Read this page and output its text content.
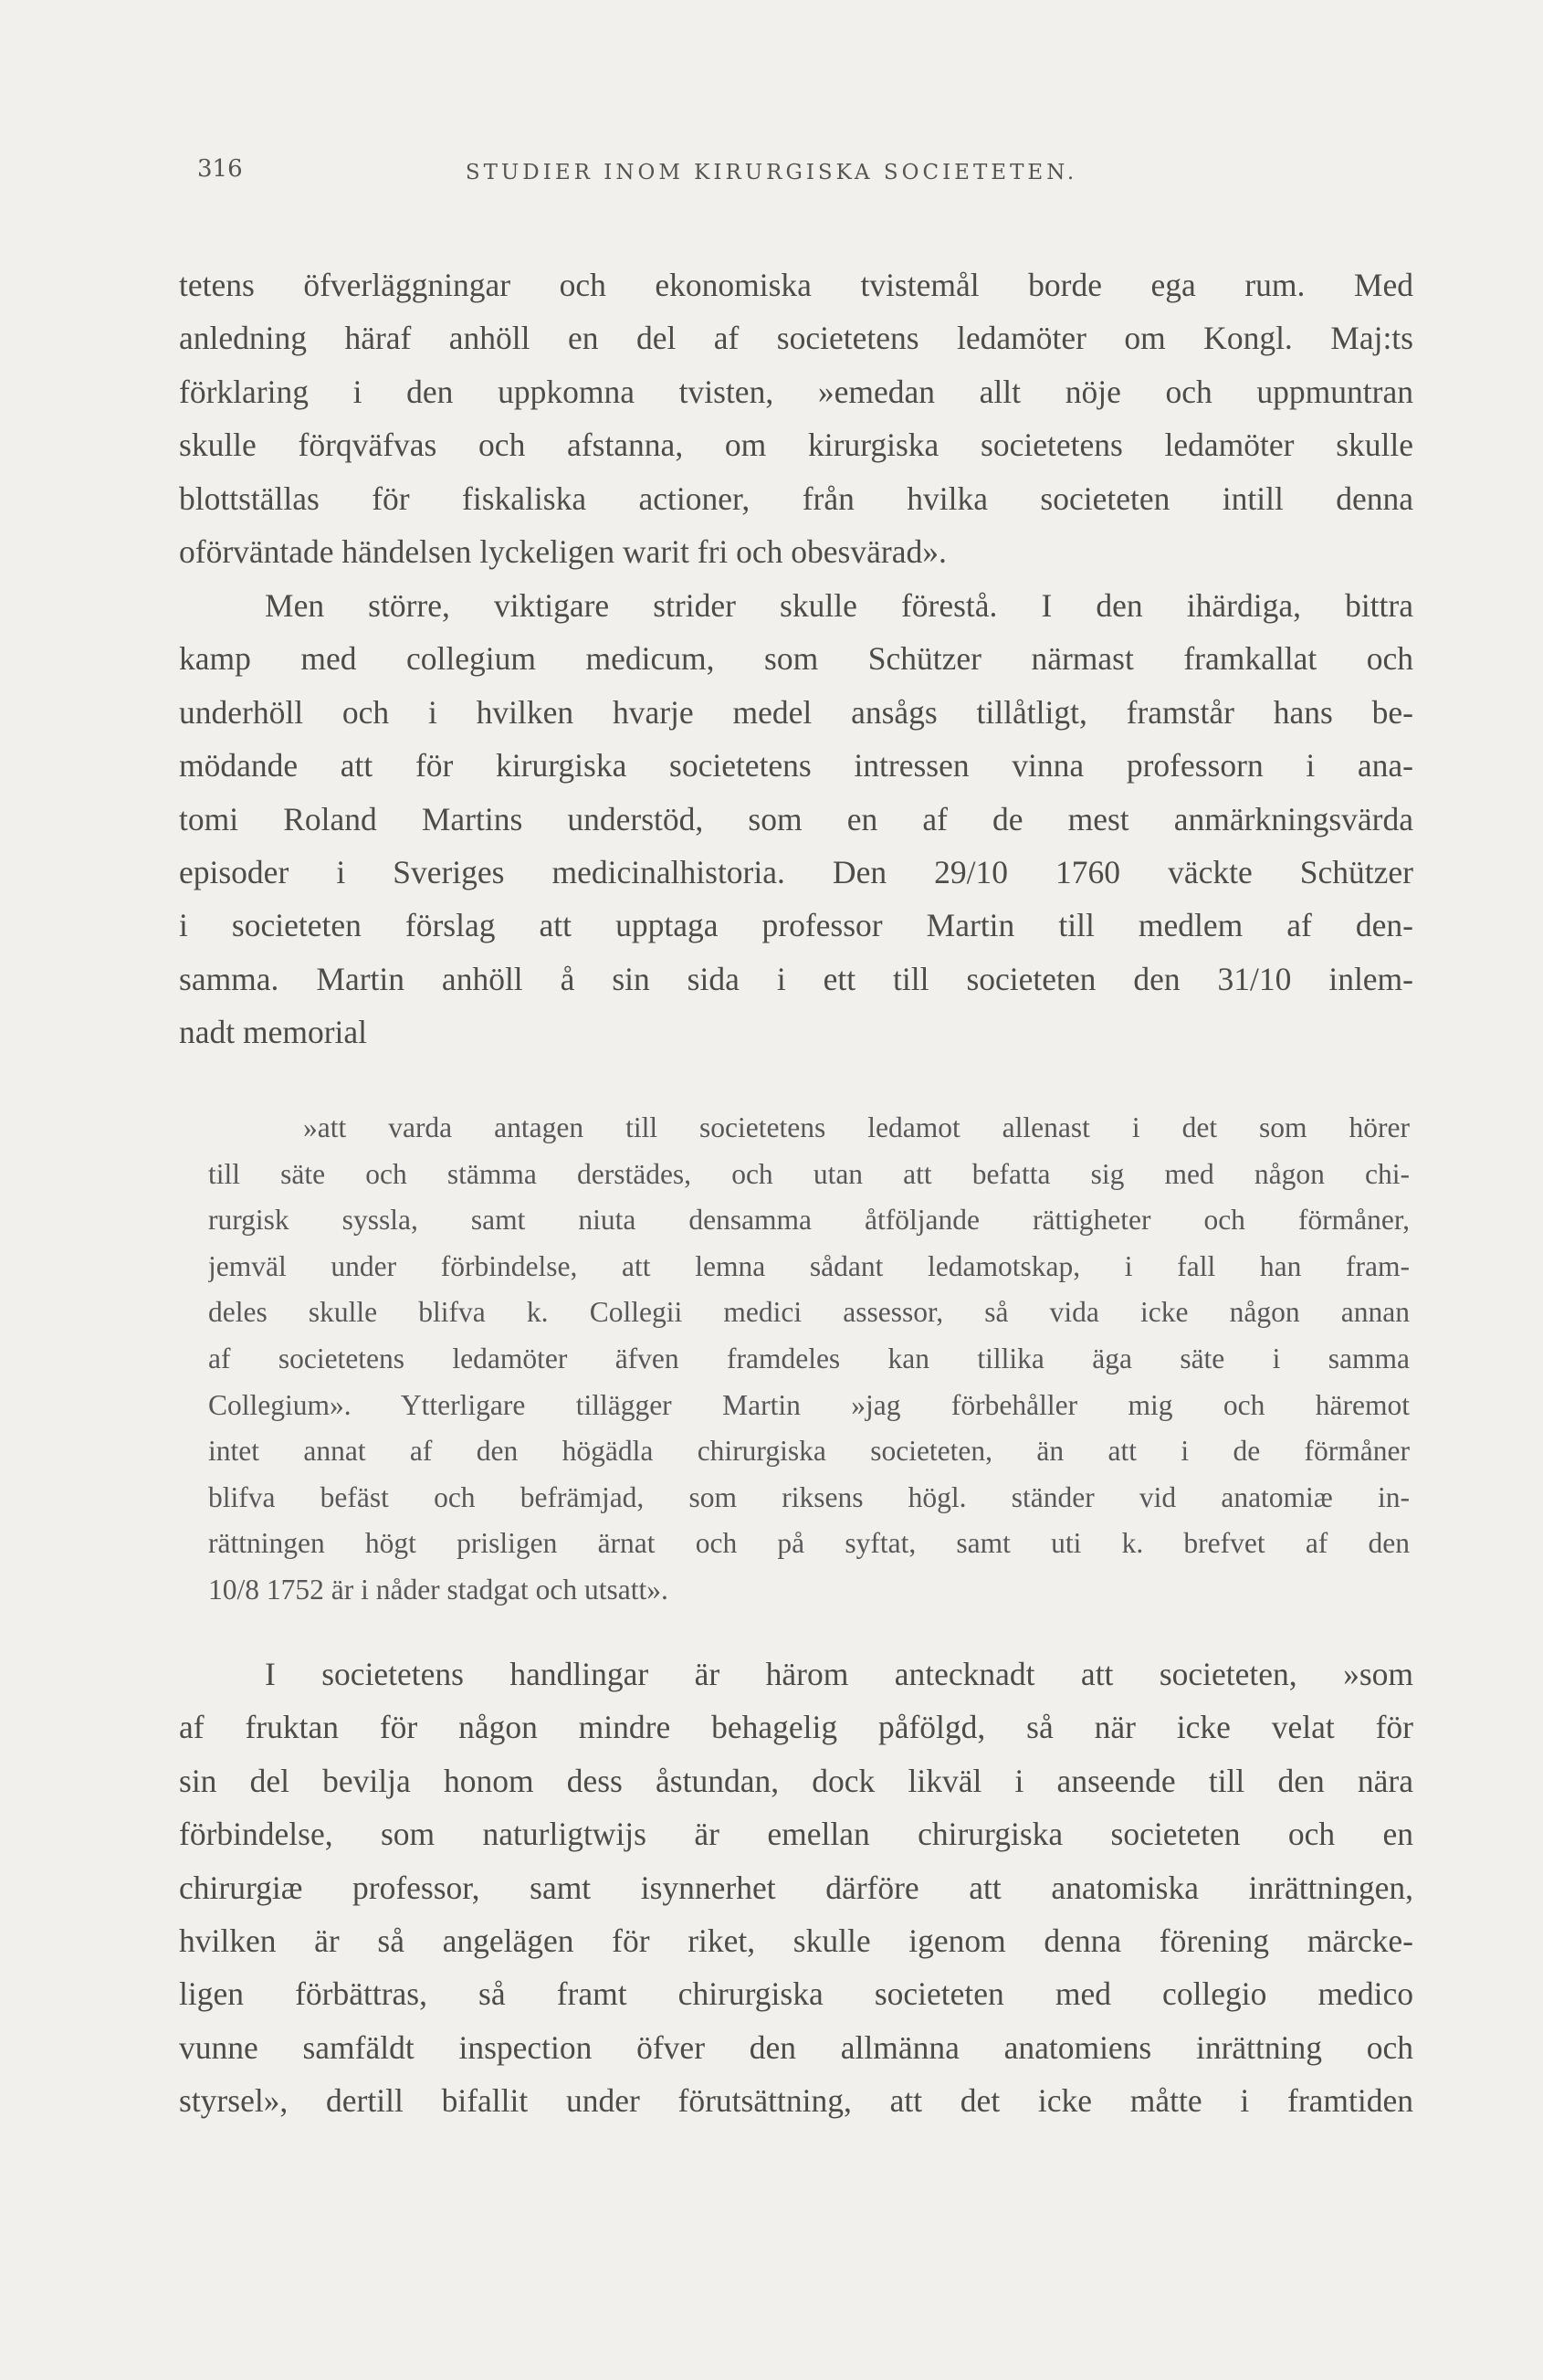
316	STUDIER INOM KIRURGISKA SOCIETETEN.
tetens öfverläggningar och ekonomiska tvistemål borde ega rum. Med
anledning häraf anhöll en del af societetens ledamöter om Kongl. Maj:ts
förklaring i den uppkomna tvisten, »emedan allt nöje och uppmuntran
skulle förqväfvas och afstanna, om kirurgiska societetens ledamöter skulle
blottställas för fiskaliska actioner, från hvilka societeten intill denna
oförväntade händelsen lyckeligen warit fri och obesvärad».
Men större, viktigare strider skulle förestå. I den ihärdiga, bittra
kamp med collegium medicum, som Schützer närmast framkallat och
underhöll och i hvilken hvarje medel ansågs tillåtligt, framstår hans be-
mödande att för kirurgiska societetens intressen vinna professorn i ana-
tomi Roland Martins understöd, som en af de mest anmärkningsvärda
episoder i Sveriges medicinalhistoria. Den 29/10 1760 väckte Schützer
i societeten förslag att upptaga professor Martin till medlem af den-
samma. Martin anhöll å sin sida i ett till societeten den 31/10 inlem-
nadt memorial
»att varda antagen till societetens ledamot allenast i det som hörer
till säte och stämma derstädes, och utan att befatta sig med någon chi-
rurgisk syssla, samt niuta densamma åtföljande rättigheter och förmåner,
jemväl under förbindelse, att lemna sådant ledamotskap, i fall han fram-
deles skulle blifva k. Collegii medici assessor, så vida icke någon annan
af societetens ledamöter äfven framdeles kan tillika äga säte i samma
Collegium». Ytterligare tillägger Martin »jag förbehåller mig och häremot
intet annat af den högädla chirurgiska societeten, än att i de förmåner
blifva befäst och befrämjad, som riksens högl. ständer vid anatomiæ in-
rättningen högt prisligen ärnat och på syftat, samt uti k. brefvet af den
10/8 1752 är i nåder stadgat och utsatt».
I societetens handlingar är härom antecknadt att societeten, »som
af fruktan för någon mindre behagelig påfölgd, så när icke velat för
sin del bevilja honom dess åstundan, dock likväl i anseende till den nära
förbindelse, som naturligtwijs är emellan chirurgiska societeten och en
chirurgiæ professor, samt isynnerhet därföre att anatomiska inrättningen,
hvilken är så angelägen för riket, skulle igenom denna förening märcke-
ligen förbättras, så framt chirurgiska societeten med collegio medico
vunne samfäldt inspection öfver den allmänna anatomiens inrättning och
styrsel», dertill bifallit under förutsättning, att det icke måtte i framtiden
